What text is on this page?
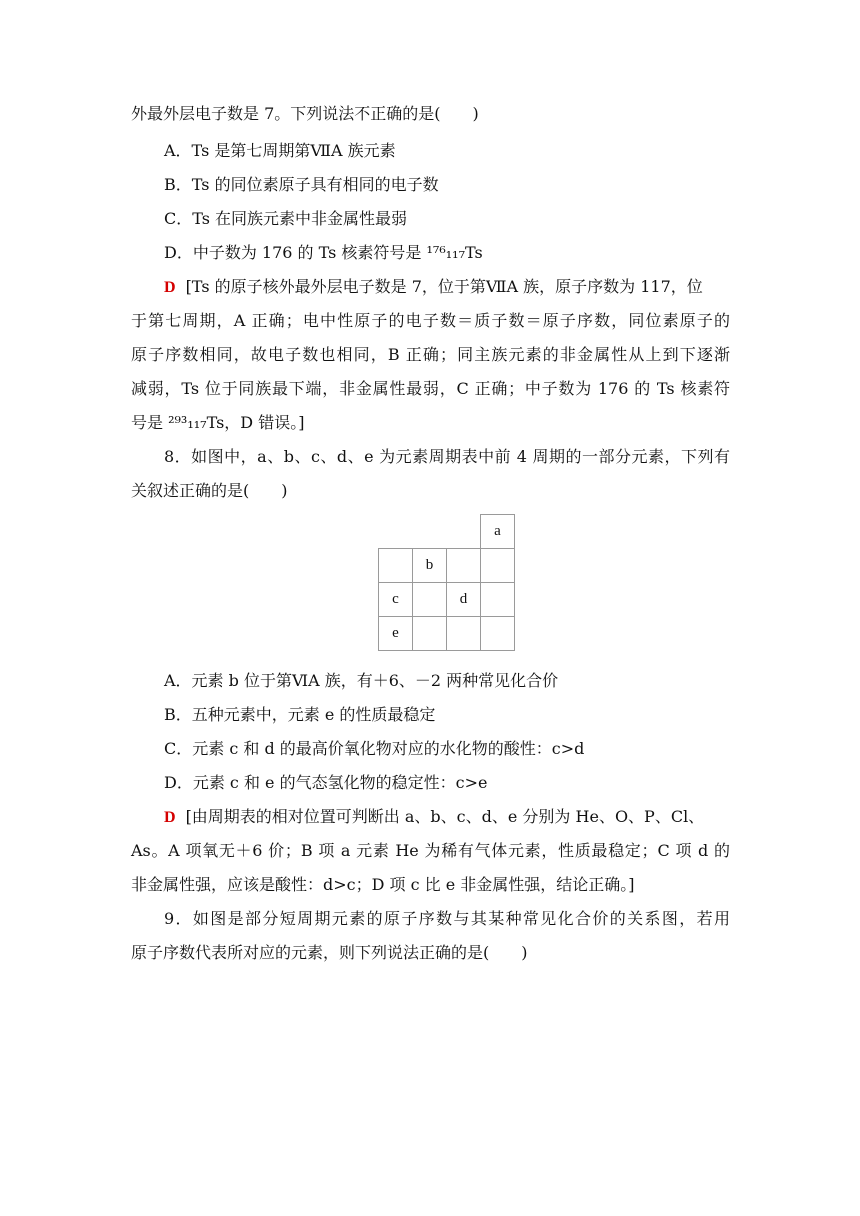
外最外层电子数是 7。下列说法不正确的是(　　)
A．Ts 是第七周期第ⅦA 族元素
B．Ts 的同位素原子具有相同的电子数
C．Ts 在同族元素中非金属性最弱
D．中子数为 176 的 Ts 核素符号是 ¹⁷⁶₁₁₇Ts
D [Ts 的原子核外最外层电子数是 7，位于第ⅦA 族，原子序数为 117，位
于第七周期，A 正确；电中性原子的电子数＝质子数＝原子序数，同位素原子的
原子序数相同，故电子数也相同，B 正确；同主族元素的非金属性从上到下逐渐
减弱，Ts 位于同族最下端，非金属性最弱，C 正确；中子数为 176 的 Ts 核素符
号是 ²⁹³₁₁₇Ts，D 错误。]
8．如图中，a、b、c、d、e 为元素周期表中前 4 周期的一部分元素，下列有
关叙述正确的是(　　)
			a
	b		
c		d	
e			
A．元素 b 位于第ⅥA 族，有＋6、－2 两种常见化合价
B．五种元素中，元素 e 的性质最稳定
C．元素 c 和 d 的最高价氧化物对应的水化物的酸性：c>d
D．元素 c 和 e 的气态氢化物的稳定性：c>e
D [由周期表的相对位置可判断出 a、b、c、d、e 分别为 He、O、P、Cl、
As。A 项氧无＋6 价；B 项 a 元素 He 为稀有气体元素，性质最稳定；C 项 d 的
非金属性强，应该是酸性：d>c；D 项 c 比 e 非金属性强，结论正确。]
9．如图是部分短周期元素的原子序数与其某种常见化合价的关系图，若用
原子序数代表所对应的元素，则下列说法正确的是(　　)
